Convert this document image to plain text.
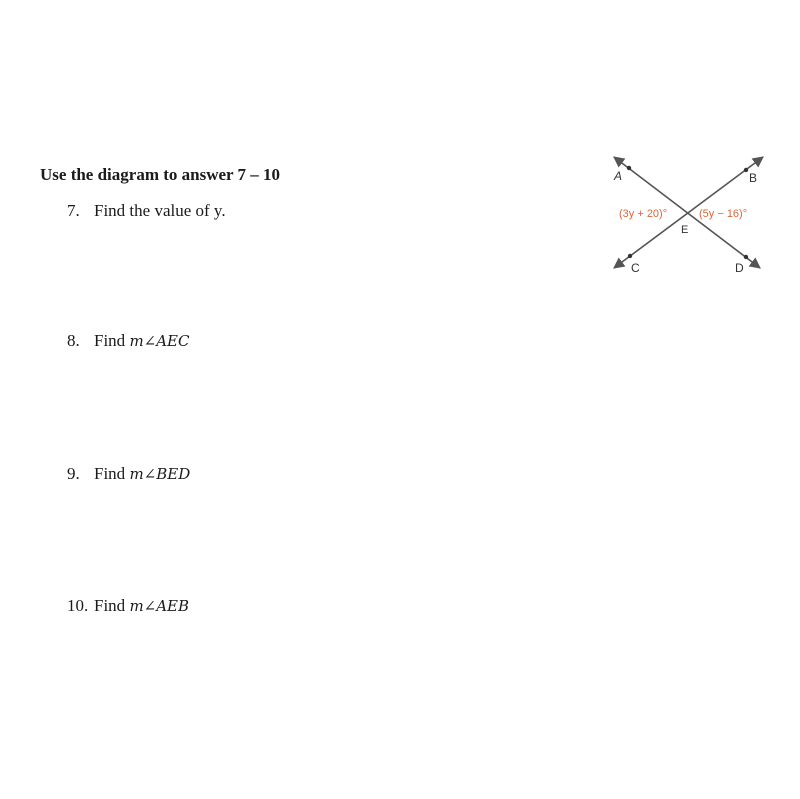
Use the diagram to answer 7 – 10
7. Find the value of y.
8. Find m∠AEC
9. Find m∠BED
10. Find m∠AEB
A	B
C	D
E
(3y + 20)°	(5y − 16)°
